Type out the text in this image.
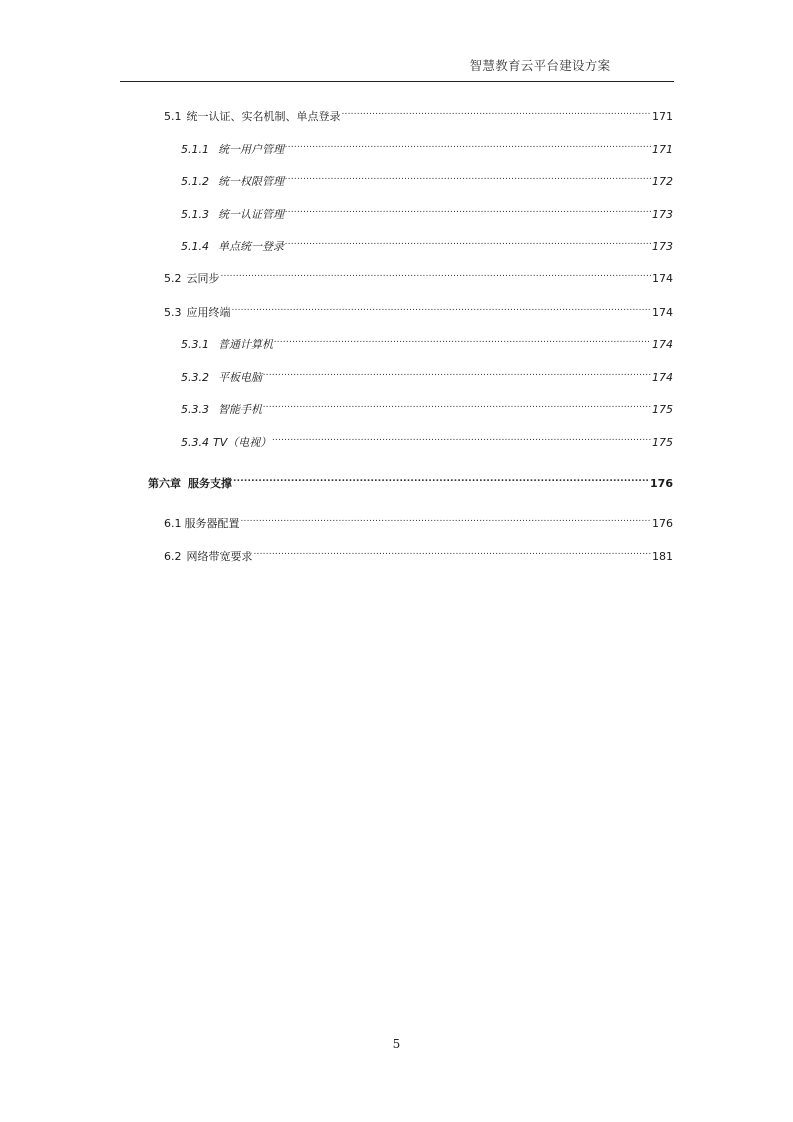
智慧教育云平台建设方案
5.1 统一认证、实名机制、单点登录 .....	171
5.1.1 统一用户管理 .....	171
5.1.2 统一权限管理 .....	172
5.1.3 统一认证管理 .....	173
5.1.4 单点统一登录 .....	173
5.2 云同步 .....	174
5.3 应用终端 .....	174
5.3.1 普通计算机 .....	174
5.3.2 平板电脑 .....	174
5.3.3 智能手机 .....	175
5.3.4 TV（电视） .....	175
第六章 服务支撑 .....	176
6.1 服务器配置 .....	176
6.2 网络带宽要求 .....	181
5
